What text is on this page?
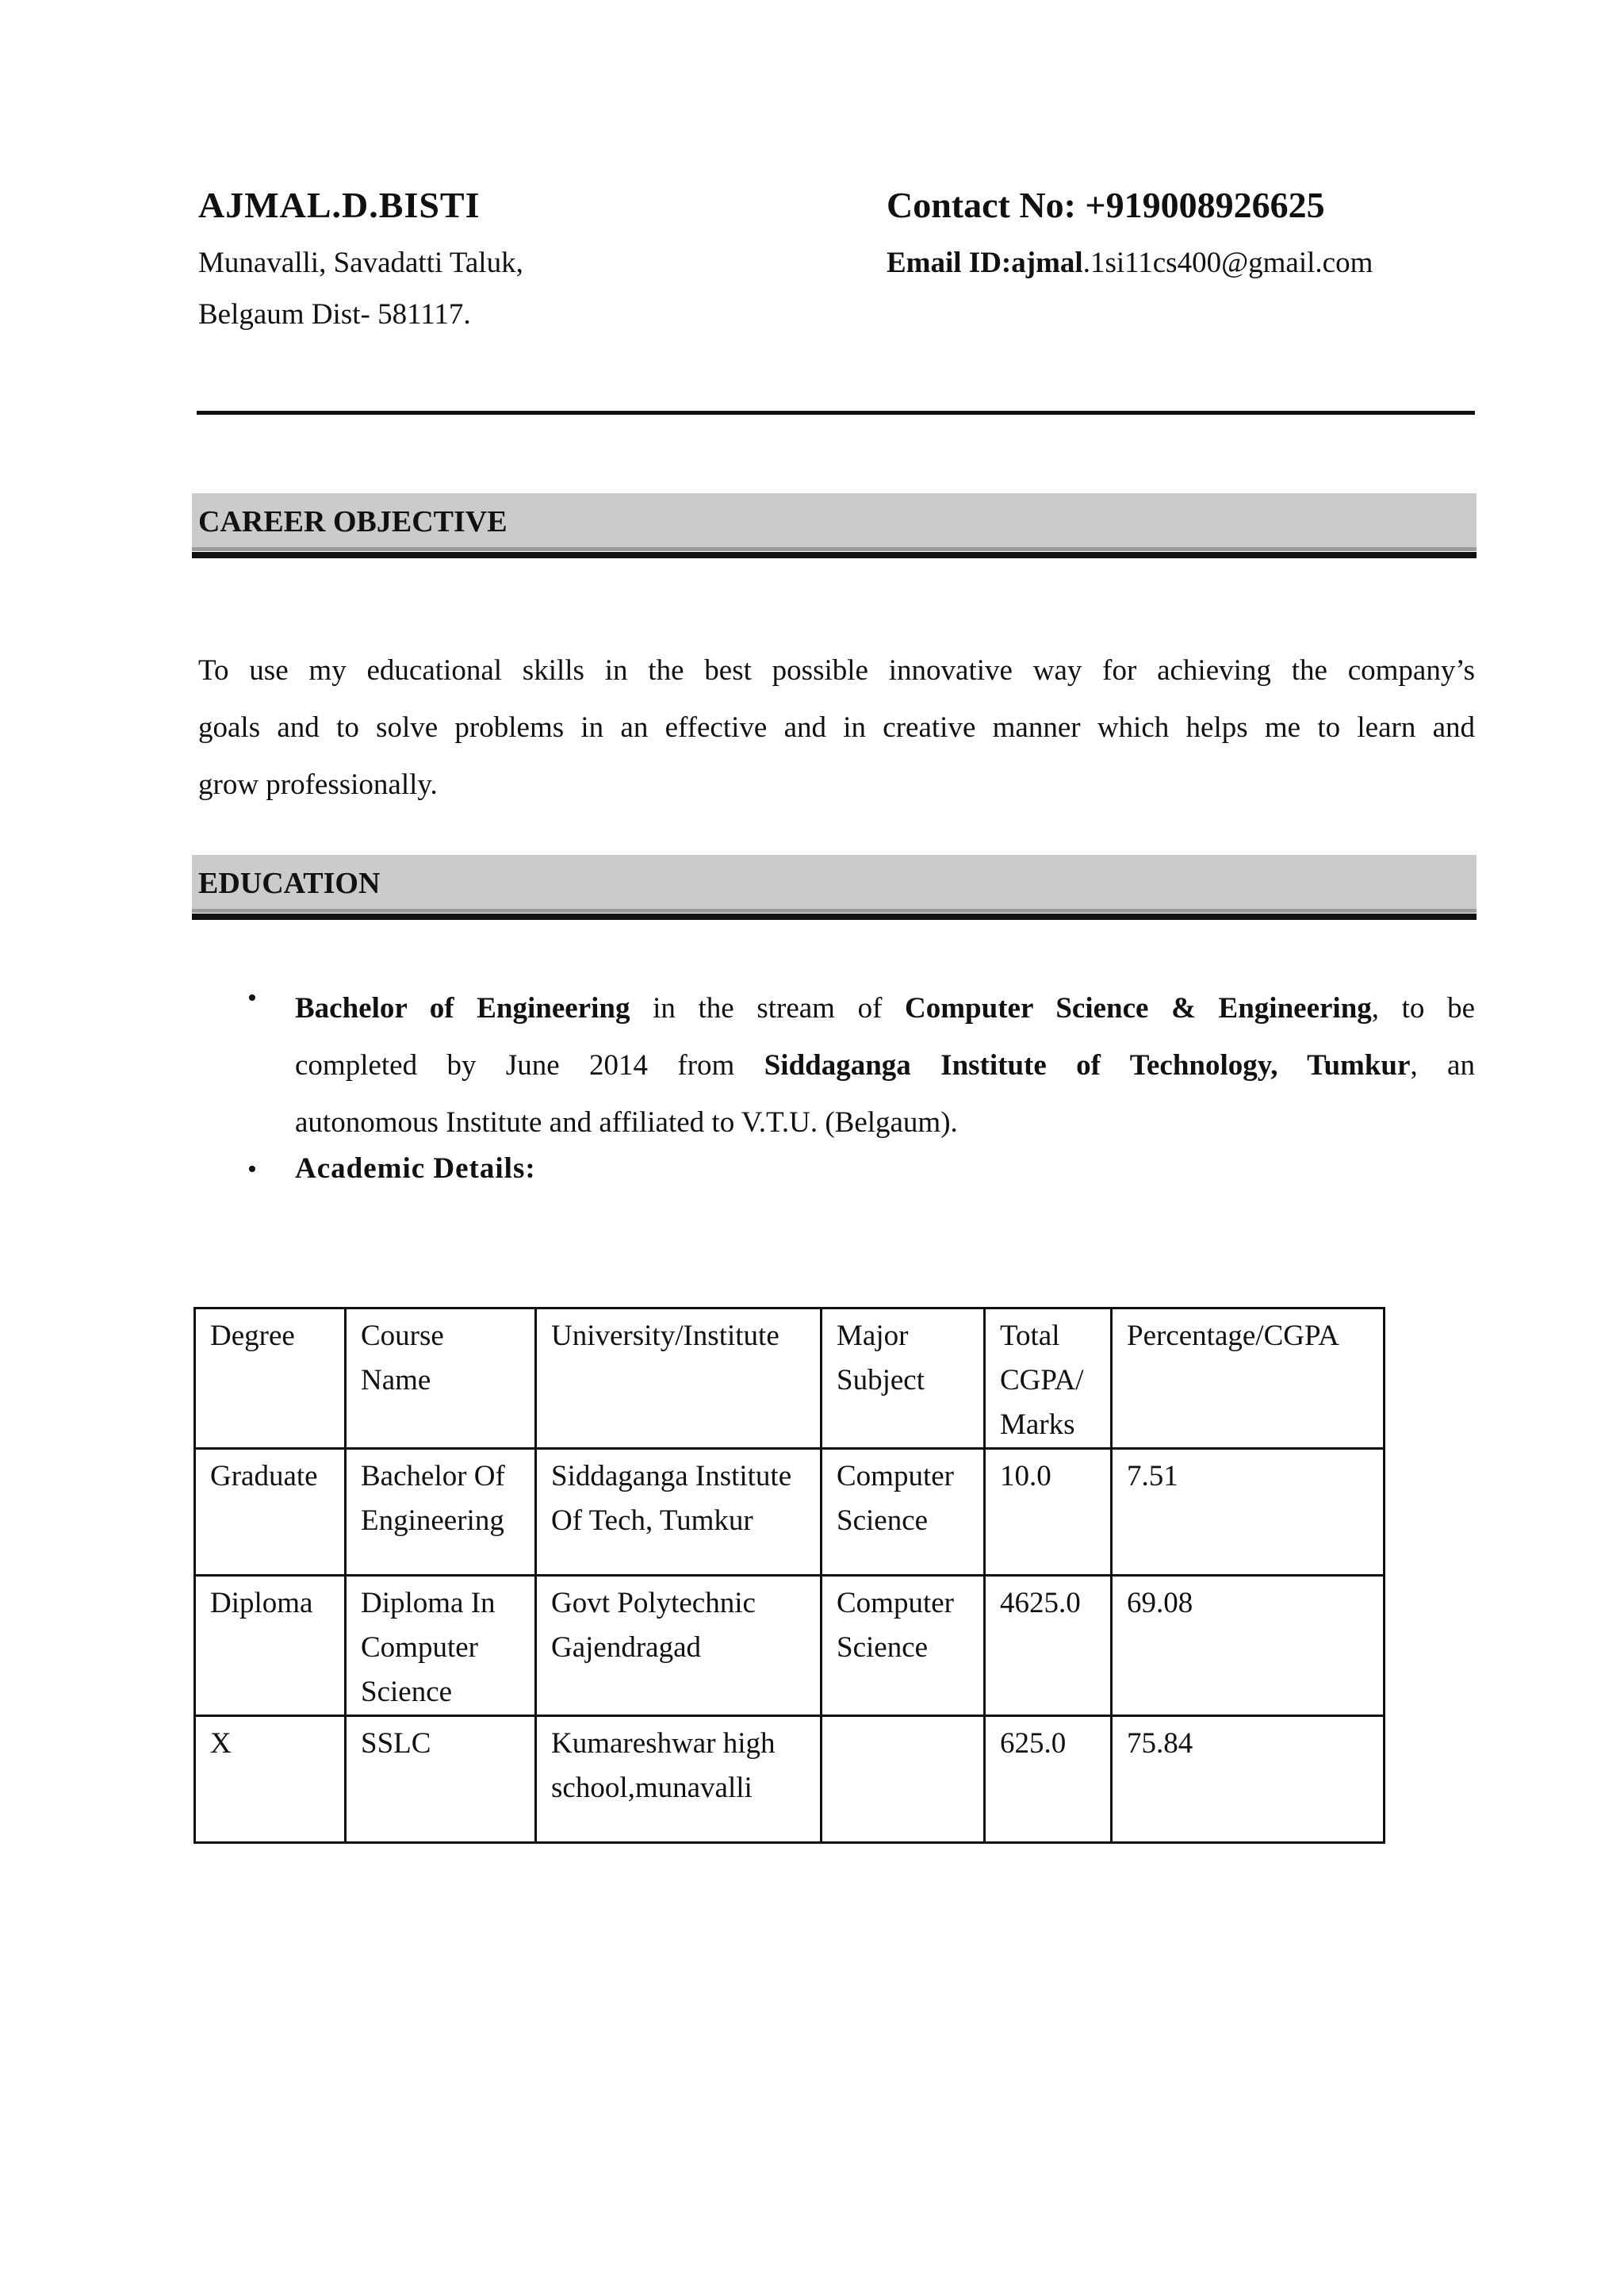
AJMAL.D.BISTI	Contact No: +919008926625
Munavalli, Savadatti Taluk,
Belgaum Dist- 581117.
Email ID:ajmal.1si11cs400@gmail.com
CAREER OBJECTIVE
To use my educational skills in the best possible innovative way for achieving the company’s
goals and to solve problems in an effective and in creative manner which helps me to learn and
grow professionally.
EDUCATION
• Bachelor of Engineering in the stream of Computer Science & Engineering, to be
completed by June 2014 from Siddaganga Institute of Technology, Tumkur, an
autonomous Institute and affiliated to V.T.U. (Belgaum).
• Academic Details:
Degree	Course Name	University/Institute	Major Subject	Total CGPA/ Marks	Percentage/CGPA
Graduate	Bachelor Of Engineering	Siddaganga Institute Of Tech, Tumkur	Computer Science	10.0	7.51
Diploma	Diploma In Computer Science	Govt Polytechnic Gajendragad	Computer Science	4625.0	69.08
X	SSLC	Kumareshwar high school,munavalli		625.0	75.84
